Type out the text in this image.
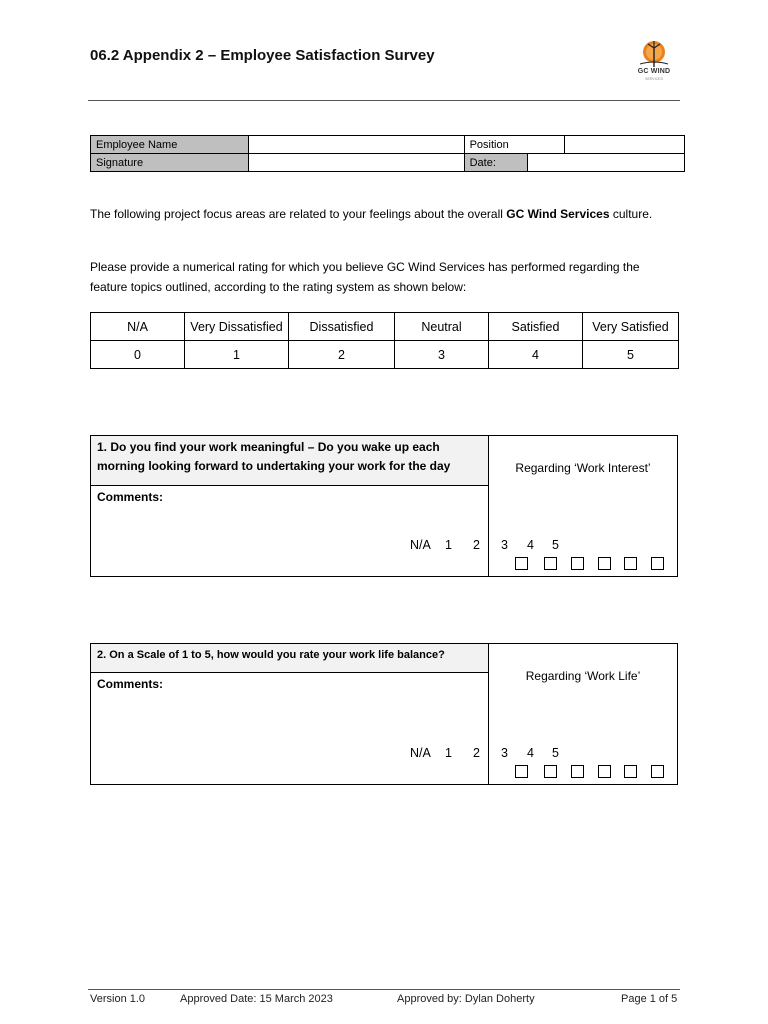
06.2 Appendix 2 – Employee Satisfaction Survey
GC WIND
SERVICES
Employee Name		Position		
Signature		Date:		
The following project focus areas are related to your feelings about the overall GC Wind Services culture.
Please provide a numerical rating for which you believe GC Wind Services has performed regarding the feature topics outlined, according to the rating system as shown below:
N/A	Very Dissatisfied	Dissatisfied	Neutral	Satisfied	Very Satisfied
0	1	2	3	4	5
1. Do you find your work meaningful – Do you wake up each morning looking forward to undertaking your work for the day
Comments:
Regarding ‘Work Interest’
N/A 1 2 3 4 5
2. On a Scale of 1 to 5, how would you rate your work life balance?
Comments:
Regarding ‘Work Life’
N/A 1 2 3 4 5
Version 1.0	Approved Date: 15 March 2023	Approved by: Dylan Doherty	Page 1 of 5
